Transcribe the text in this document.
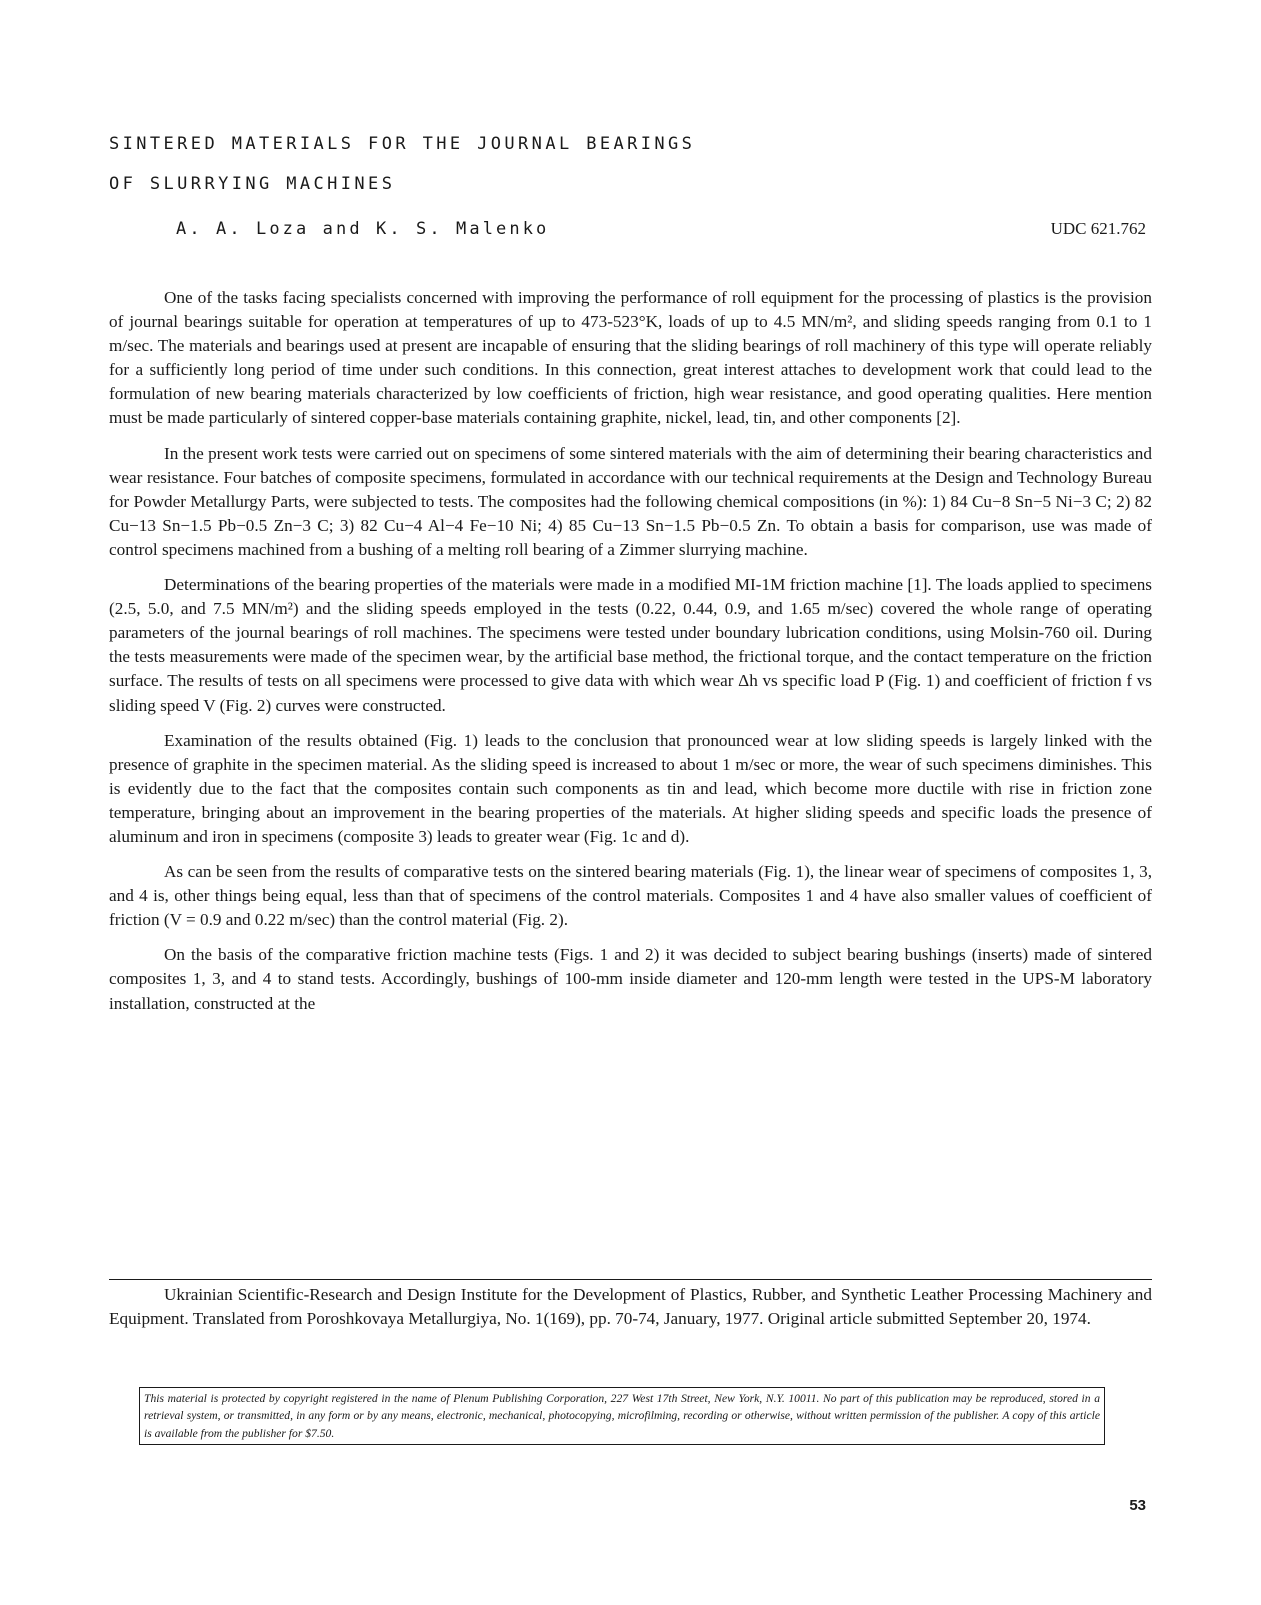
SINTERED MATERIALS FOR THE JOURNAL BEARINGS
OF SLURRYING MACHINES
A. A. Loza and K. S. Malenko	UDC 621.762

One of the tasks facing specialists concerned with improving the performance of roll equipment for the processing of plastics is the provision of journal bearings suitable for operation at temperatures of up to 473-523°K, loads of up to 4.5 MN/m², and sliding speeds ranging from 0.1 to 1 m/sec. The materials and bearings used at present are incapable of ensuring that the sliding bearings of roll machinery of this type will operate reliably for a sufficiently long period of time under such conditions. In this connection, great interest attaches to development work that could lead to the formulation of new bearing materials characterized by low coefficients of friction, high wear resistance, and good operating qualities. Here mention must be made particularly of sintered copper-base materials containing graphite, nickel, lead, tin, and other components [2].

In the present work tests were carried out on specimens of some sintered materials with the aim of determining their bearing characteristics and wear resistance. Four batches of composite specimens, formulated in accordance with our technical requirements at the Design and Technology Bureau for Powder Metallurgy Parts, were subjected to tests. The composites had the following chemical compositions (in %): 1) 84 Cu−8 Sn−5 Ni−3 C; 2) 82 Cu−13 Sn−1.5 Pb−0.5 Zn−3 C; 3) 82 Cu−4 Al−4 Fe−10 Ni; 4) 85 Cu−13 Sn−1.5 Pb−0.5 Zn. To obtain a basis for comparison, use was made of control specimens machined from a bushing of a melting roll bearing of a Zimmer slurrying machine.

Determinations of the bearing properties of the materials were made in a modified MI-1M friction machine [1]. The loads applied to specimens (2.5, 5.0, and 7.5 MN/m²) and the sliding speeds employed in the tests (0.22, 0.44, 0.9, and 1.65 m/sec) covered the whole range of operating parameters of the journal bearings of roll machines. The specimens were tested under boundary lubrication conditions, using Molsin-760 oil. During the tests measurements were made of the specimen wear, by the artificial base method, the frictional torque, and the contact temperature on the friction surface. The results of tests on all specimens were processed to give data with which wear Δh vs specific load P (Fig. 1) and coefficient of friction f vs sliding speed V (Fig. 2) curves were constructed.

Examination of the results obtained (Fig. 1) leads to the conclusion that pronounced wear at low sliding speeds is largely linked with the presence of graphite in the specimen material. As the sliding speed is increased to about 1 m/sec or more, the wear of such specimens diminishes. This is evidently due to the fact that the composites contain such components as tin and lead, which become more ductile with rise in friction zone temperature, bringing about an improvement in the bearing properties of the materials. At higher sliding speeds and specific loads the presence of aluminum and iron in specimens (composite 3) leads to greater wear (Fig. 1c and d).

As can be seen from the results of comparative tests on the sintered bearing materials (Fig. 1), the linear wear of specimens of composites 1, 3, and 4 is, other things being equal, less than that of specimens of the control materials. Composites 1 and 4 have also smaller values of coefficient of friction (V = 0.9 and 0.22 m/sec) than the control material (Fig. 2).

On the basis of the comparative friction machine tests (Figs. 1 and 2) it was decided to subject bearing bushings (inserts) made of sintered composites 1, 3, and 4 to stand tests. Accordingly, bushings of 100-mm inside diameter and 120-mm length were tested in the UPS-M laboratory installation, constructed at the

Ukrainian Scientific-Research and Design Institute for the Development of Plastics, Rubber, and Synthetic Leather Processing Machinery and Equipment. Translated from Poroshkovaya Metallurgiya, No. 1(169), pp. 70-74, January, 1977. Original article submitted September 20, 1974.
This material is protected by copyright registered in the name of Plenum Publishing Corporation, 227 West 17th Street, New York, N.Y. 10011. No part of this publication may be reproduced, stored in a retrieval system, or transmitted, in any form or by any means, electronic, mechanical, photocopying, microfilming, recording or otherwise, without written permission of the publisher. A copy of this article is available from the publisher for $7.50.
53
